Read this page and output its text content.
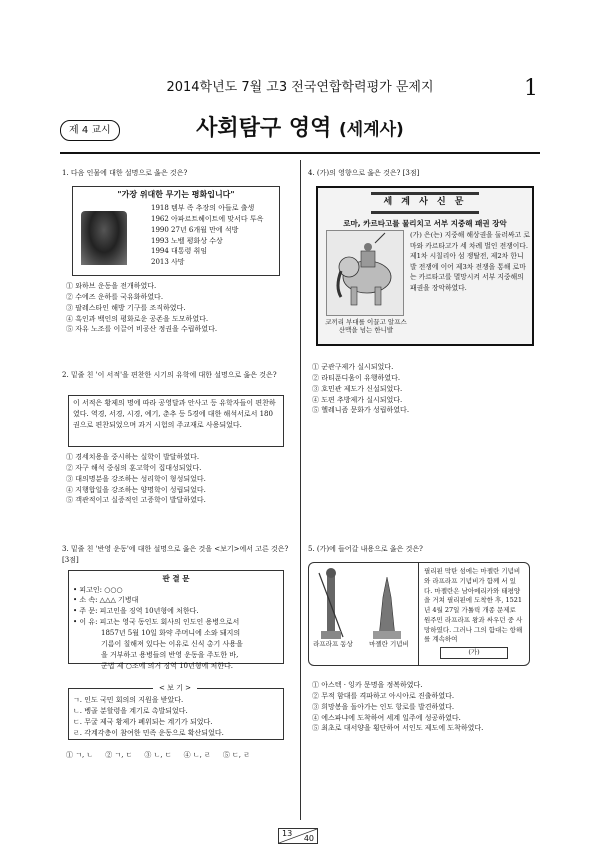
2014학년도 7월 고3 전국연합학력평가 문제지	1
제 4 교시	사회탐구 영역 (세계사)
1. 다음 인물에 대한 설명으로 옳은 것은?
"가장 위대한 무기는 평화입니다"
1918 템부 족 추장의 아들로 출생
1962 아파르트헤이트에 맞서다 투옥
1990 27년 6개월 만에 석방
1993 노벨 평화상 수상
1994 대통령 취임
2013 사망
① 와하브 운동을 전개하였다.
② 수에즈 운하를 국유화하였다.
③ 팔레스타인 해방 기구를 조직하였다.
④ 흑인과 백인의 평화로운 공존을 도모하였다.
⑤ 자유 노조를 이끌어 비공산 정권을 수립하였다.
2. 밑줄 친 '이 서적'을 편찬한 시기의 유학에 대한 설명으로 옳은 것은?
이 서적은 황제의 명에 따라 공영달과 안사고 등 유학자들이 편찬하였다. 역경, 서경, 시경, 예기, 춘추 등 5경에 대한 해석서로서 180권으로 편찬되었으며 과거 시험의 주교재로 사용되었다.
① 경세치용을 중시하는 실학이 발달하였다.
② 자구 해석 중심의 훈고학이 집대성되었다.
③ 대의명분을 강조하는 성리학이 형성되었다.
④ 지행합일을 강조하는 양명학이 성립되었다.
⑤ 객관적이고 실증적인 고증학이 발달하였다.
3. 밑줄 친 '반영 운동'에 대한 설명으로 옳은 것을 <보기>에서 고른 것은? [3점]
판 결 문
• 피고인: ○○○
• 소 속: △△△ 기병대
• 주 문: 피고인을 징역 10년형에 처한다.
• 이 유: 피고는 영국 동인도 회사의 인도인 용병으로서
1857년 5월 10일 화약 주머니에 소와 돼지의
기름이 칠해져 있다는 이유로 신식 총기 사용을
을 거부하고 용병들의 반영 운동을 주도한 바,
군법 제 ○조에 의거 징역 10년형에 처한다.
< 보 기 >
ㄱ. 인도 국민 회의의 지원을 받았다.
ㄴ. 벵골 분할령을 계기로 촉발되었다.
ㄷ. 무굴 제국 황제가 폐위되는 계기가 되었다.
ㄹ. 각계각층이 참여한 민족 운동으로 확산되었다.
① ㄱ, ㄴ ② ㄱ, ㄷ ③ ㄴ, ㄷ ④ ㄴ, ㄹ ⑤ ㄷ, ㄹ
4. (가)의 영향으로 옳은 것은? [3점]
세 계 사 신 문
로마, 카르타고를 물리치고 서부 지중해 패권 장악
코끼리 부대를 이끌고 알프스 산맥을 넘는 한니발
(가) 은(는) 지중해 해상권을 둘러싸고 로마와 카르타고가 세 차례 벌인 전쟁이다. 제1차 시칠리아 섬 쟁탈전, 제2차 한니발 전쟁에 이어 제3차 전쟁을 통해 로마는 카르타고를 멸망시켜 서부 지중해의 패권을 장악하였다.
① 군관구제가 실시되었다.
② 라티푼디움이 유행하였다.
③ 호민관 제도가 신설되었다.
④ 도편 추방제가 실시되었다.
⑤ 헬레니즘 문화가 성립하였다.
5. (가)에 들어갈 내용으로 옳은 것은?
라프라프 동상	마젤란 기념비
필리핀 막탄 섬에는 마젤란 기념비와 라프라프 기념비가 함께 서 있다. 마젤란은 남아메리카와 태평양을 거쳐 필리핀에 도착한 후, 1521년 4월 27일 가톨릭 개종 문제로 원주민 라프라프 왕과 싸우던 중 사망하였다. 그러나 그의 함대는 항해를 계속하여
(가)
① 아스텍 · 잉카 문명을 정복하였다.
② 무적 함대를 격파하고 아시아로 진출하였다.
③ 희망봉을 돌아가는 인도 항로를 발견하였다.
④ 에스파냐에 도착하여 세계 일주에 성공하였다.
⑤ 최초로 대서양을 횡단하여 서인도 제도에 도착하였다.
13
40
